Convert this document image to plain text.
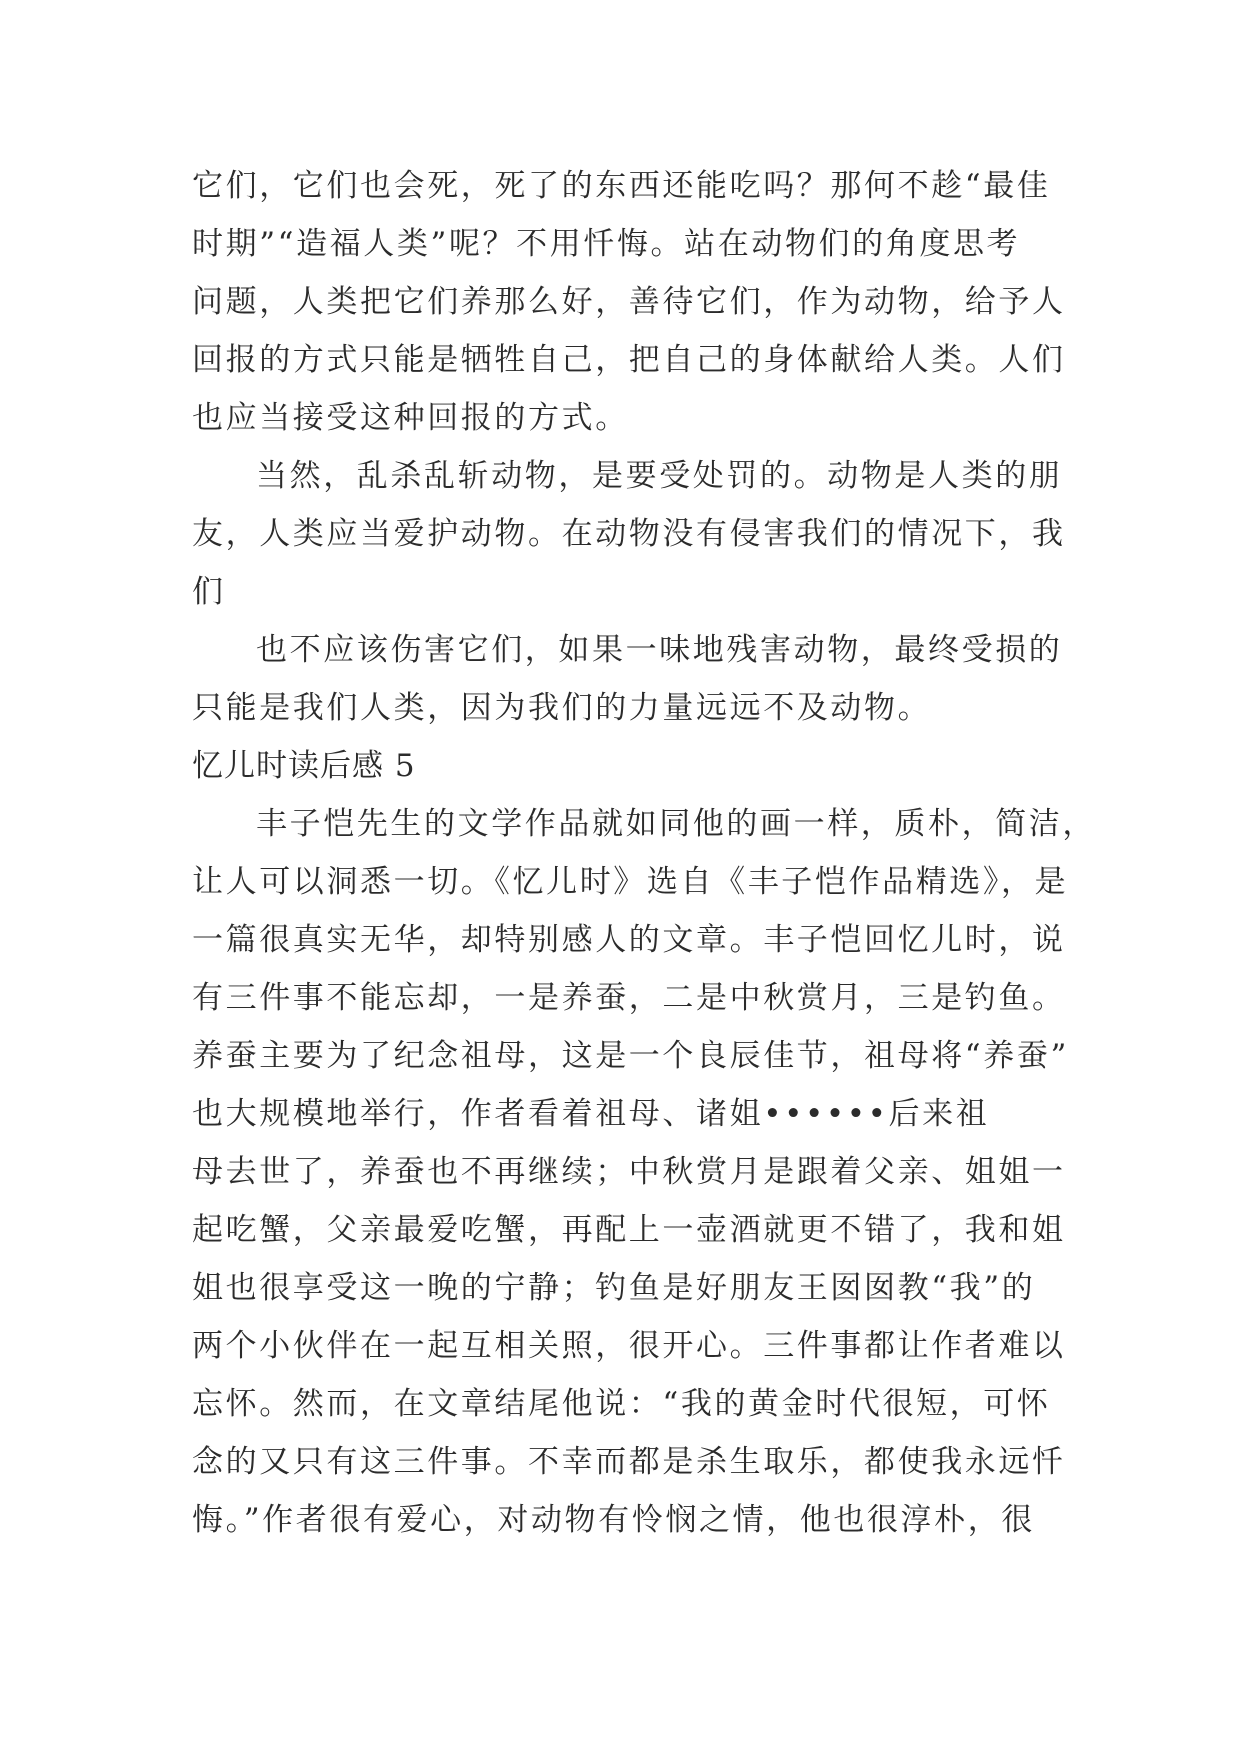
它们，它们也会死，死了的东西还能吃吗？那何不趁“最佳
时期”“造福人类”呢？不用忏悔。站在动物们的角度思考
问题，人类把它们养那么好，善待它们，作为动物，给予人
回报的方式只能是牺牲自己，把自己的身体献给人类。人们
也应当接受这种回报的方式。
当然，乱杀乱斩动物，是要受处罚的。动物是人类的朋
友，人类应当爱护动物。在动物没有侵害我们的情况下，我
们
也不应该伤害它们，如果一味地残害动物，最终受损的
只能是我们人类，因为我们的力量远远不及动物。
忆儿时读后感 5
丰子恺先生的文学作品就如同他的画一样，质朴，简洁，
让人可以洞悉一切。《忆儿时》选自《丰子恺作品精选》，是
一篇很真实无华，却特别感人的文章。丰子恺回忆儿时，说
有三件事不能忘却，一是养蚕，二是中秋赏月，三是钓鱼。
养蚕主要为了纪念祖母，这是一个良辰佳节，祖母将“养蚕”
也大规模地举行，作者看着祖母、诸姐••••••后来祖
母去世了，养蚕也不再继续；中秋赏月是跟着父亲、姐姐一
起吃蟹，父亲最爱吃蟹，再配上一壶酒就更不错了，我和姐
姐也很享受这一晚的宁静；钓鱼是好朋友王囡囡教“我”的
两个小伙伴在一起互相关照，很开心。三件事都让作者难以
忘怀。然而，在文章结尾他说：“我的黄金时代很短，可怀
念的又只有这三件事。不幸而都是杀生取乐，都使我永远忏
悔。”作者很有爱心，对动物有怜悯之情，他也很淳朴，很
